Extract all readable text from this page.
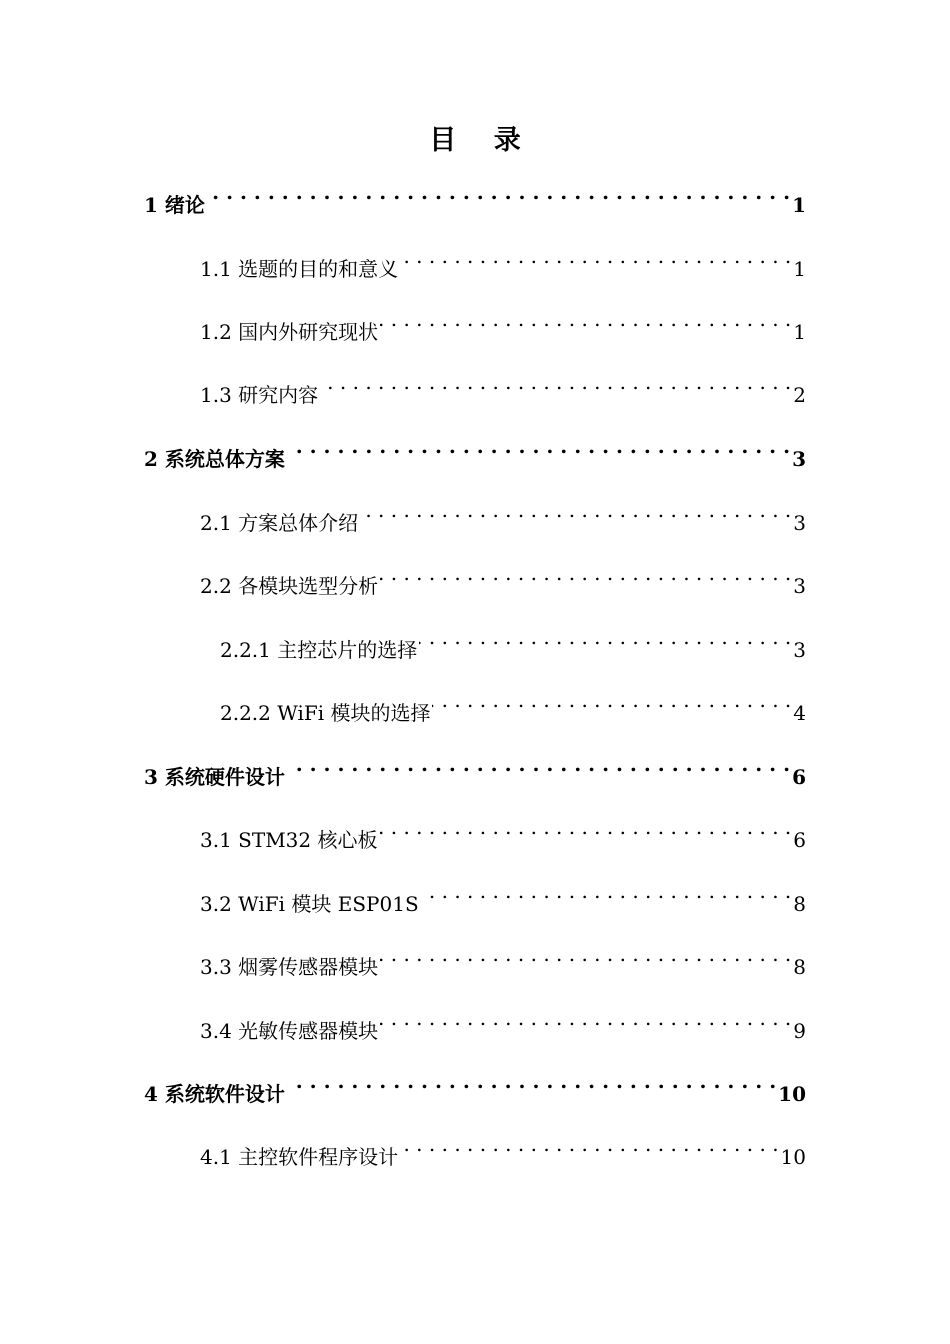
目 录
1 绪论 . . .	1
1.1 选题的目的和意义 . . .	1
1.2 国内外研究现状 . . .	1
1.3 研究内容 . . .	2
2 系统总体方案 . . .	3
2.1 方案总体介绍 . . .	3
2.2 各模块选型分析 . . .	3
2.2.1 主控芯片的选择 . . .	3
2.2.2 WiFi 模块的选择 . . .	4
3 系统硬件设计 . . .	6
3.1 STM32 核心板 . . .	6
3.2 WiFi 模块 ESP01S . . .	8
3.3 烟雾传感器模块 . . .	8
3.4 光敏传感器模块 . . .	9
4 系统软件设计 . . .	10
4.1 主控软件程序设计 . . .	10
